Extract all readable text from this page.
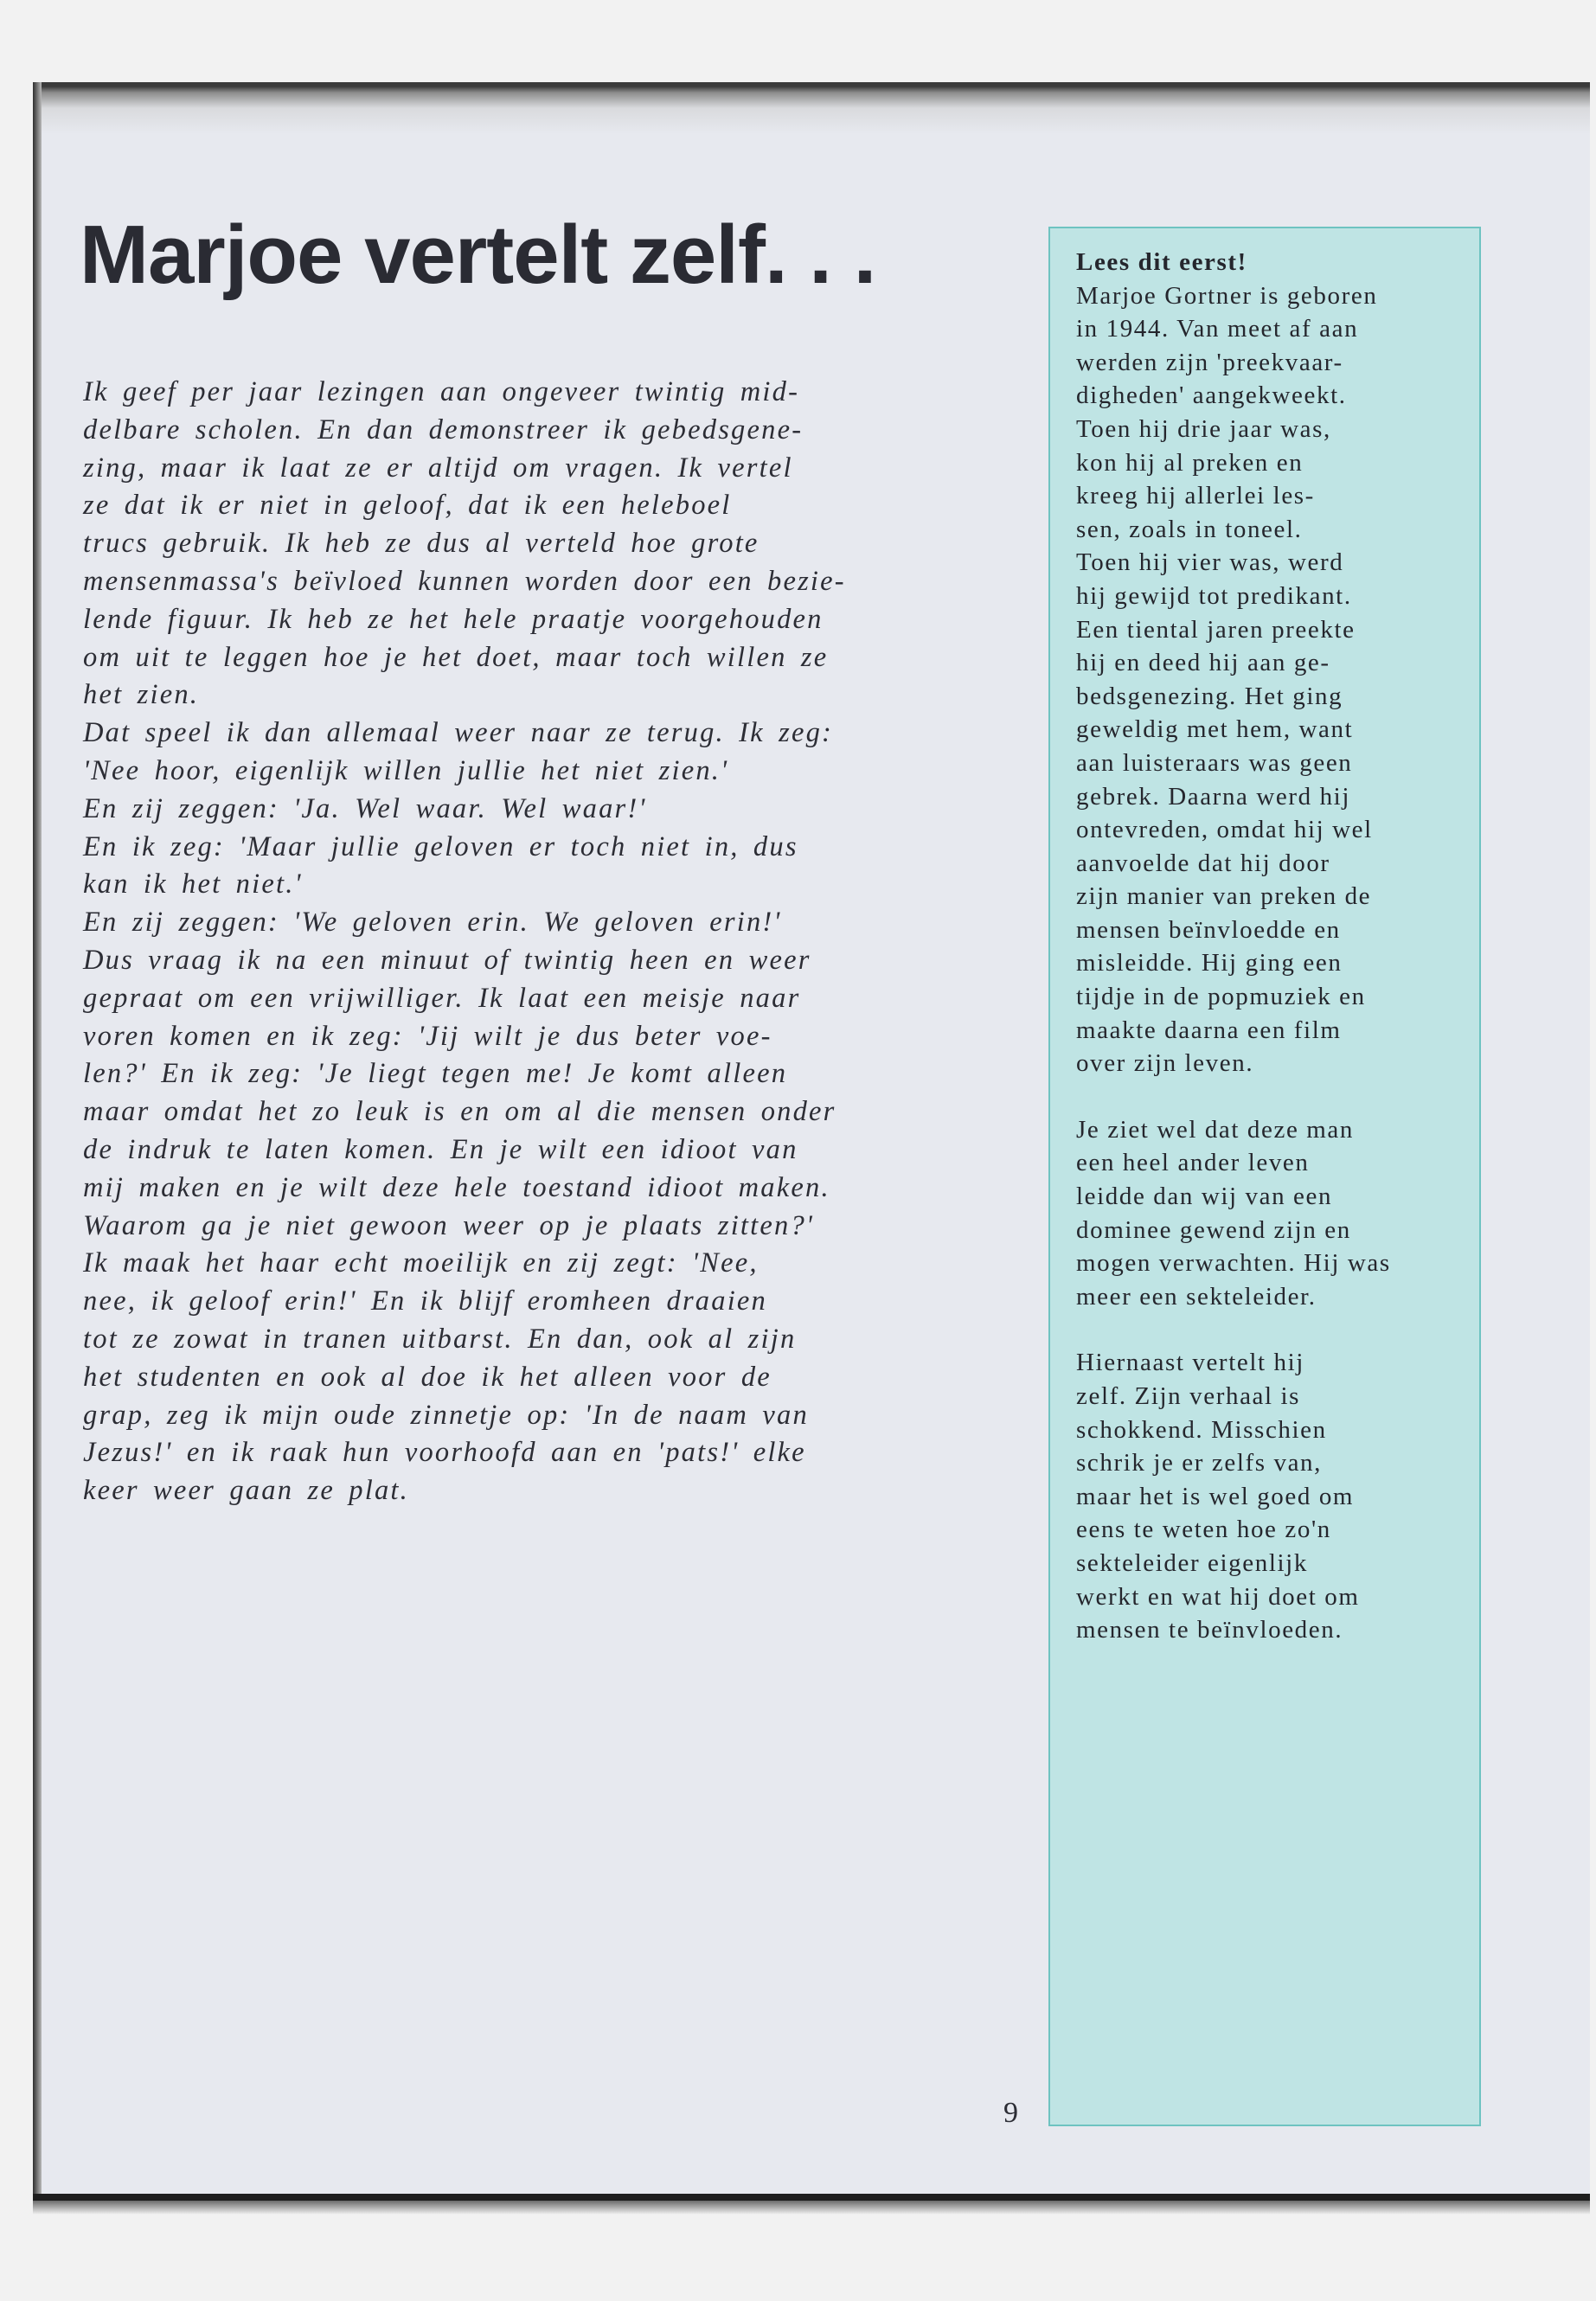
Marjoe vertelt zelf. . .

Ik geef per jaar lezingen aan ongeveer twintig mid-
delbare scholen. En dan demonstreer ik gebedsgene-
zing, maar ik laat ze er altijd om vragen. Ik vertel
ze dat ik er niet in geloof, dat ik een heleboel
trucs gebruik. Ik heb ze dus al verteld hoe grote
mensenmassa's beïvloed kunnen worden door een bezie-
lende figuur. Ik heb ze het hele praatje voorgehouden
om uit te leggen hoe je het doet, maar toch willen ze
het zien.
Dat speel ik dan allemaal weer naar ze terug. Ik zeg:
'Nee hoor, eigenlijk willen jullie het niet zien.'
En zij zeggen: 'Ja. Wel waar. Wel waar!'
En ik zeg: 'Maar jullie geloven er toch niet in, dus
kan ik het niet.'
En zij zeggen: 'We geloven erin. We geloven erin!'
Dus vraag ik na een minuut of twintig heen en weer
gepraat om een vrijwilliger. Ik laat een meisje naar
voren komen en ik zeg: 'Jij wilt je dus beter voe-
len?' En ik zeg: 'Je liegt tegen me! Je komt alleen
maar omdat het zo leuk is en om al die mensen onder
de indruk te laten komen. En je wilt een idioot van
mij maken en je wilt deze hele toestand idioot maken.
Waarom ga je niet gewoon weer op je plaats zitten?'
Ik maak het haar echt moeilijk en zij zegt: 'Nee,
nee, ik geloof erin!' En ik blijf eromheen draaien
tot ze zowat in tranen uitbarst. En dan, ook al zijn
het studenten en ook al doe ik het alleen voor de
grap, zeg ik mijn oude zinnetje op: 'In de naam van
Jezus!' en ik raak hun voorhoofd aan en 'pats!' elke
keer weer gaan ze plat.

Lees dit eerst!
Marjoe Gortner is geboren
in 1944. Van meet af aan
werden zijn 'preekvaar-
digheden' aangekweekt.
Toen hij drie jaar was,
kon hij al preken en
kreeg hij allerlei les-
sen, zoals in toneel.
Toen hij vier was, werd
hij gewijd tot predikant.
Een tiental jaren preekte
hij en deed hij aan ge-
bedsgenezing. Het ging
geweldig met hem, want
aan luisteraars was geen
gebrek. Daarna werd hij
ontevreden, omdat hij wel
aanvoelde dat hij door
zijn manier van preken de
mensen beïnvloedde en
misleidde. Hij ging een
tijdje in de popmuziek en
maakte daarna een film
over zijn leven.
Je ziet wel dat deze man
een heel ander leven
leidde dan wij van een
dominee gewend zijn en
mogen verwachten. Hij was
meer een sekteleider.
Hiernaast vertelt hij
zelf. Zijn verhaal is
schokkend. Misschien
schrik je er zelfs van,
maar het is wel goed om
eens te weten hoe zo'n
sekteleider eigenlijk
werkt en wat hij doet om
mensen te beïnvloeden.
9
